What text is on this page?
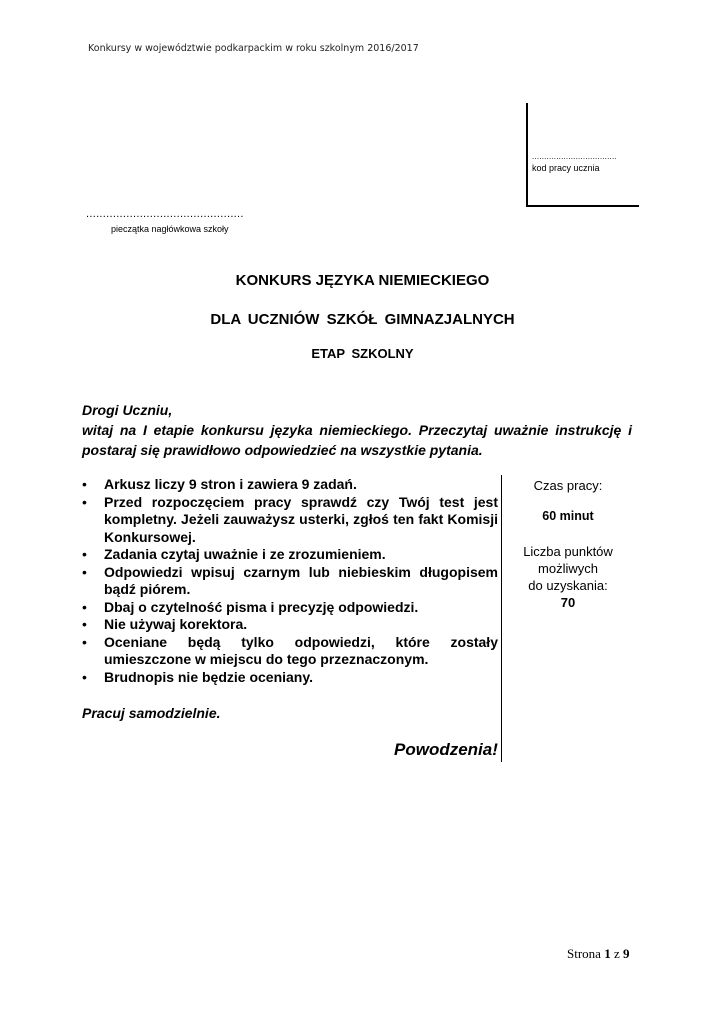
Konkursy w województwie podkarpackim w roku szkolnym 2016/2017
...................................
kod pracy ucznia
...............................................
pieczątka nagłówkowa szkoły
KONKURS JĘZYKA NIEMIECKIEGO
DLA UCZNIÓW SZKÓŁ GIMNAZJALNYCH
ETAP SZKOLNY
Drogi Uczniu,
witaj na I etapie konkursu języka niemieckiego. Przeczytaj uważnie instrukcję i postaraj się prawidłowo odpowiedzieć na wszystkie pytania.
• Arkusz liczy 9 stron i zawiera 9 zadań.
• Przed rozpoczęciem pracy sprawdź czy Twój test jest kompletny. Jeżeli zauważysz usterki, zgłoś ten fakt Komisji Konkursowej.
• Zadania czytaj uważnie i ze zrozumieniem.
• Odpowiedzi wpisuj czarnym lub niebieskim długopisem bądź piórem.
• Dbaj o czytelność pisma i precyzję odpowiedzi.
• Nie używaj korektora.
• Oceniane będą tylko odpowiedzi, które zostały umieszczone w miejscu do tego przeznaczonym.
• Brudnopis nie będzie oceniany.
Pracuj samodzielnie.
Powodzenia!
Czas pracy:
60 minut
Liczba punktów
możliwych
do uzyskania:
70
Strona 1 z 9
